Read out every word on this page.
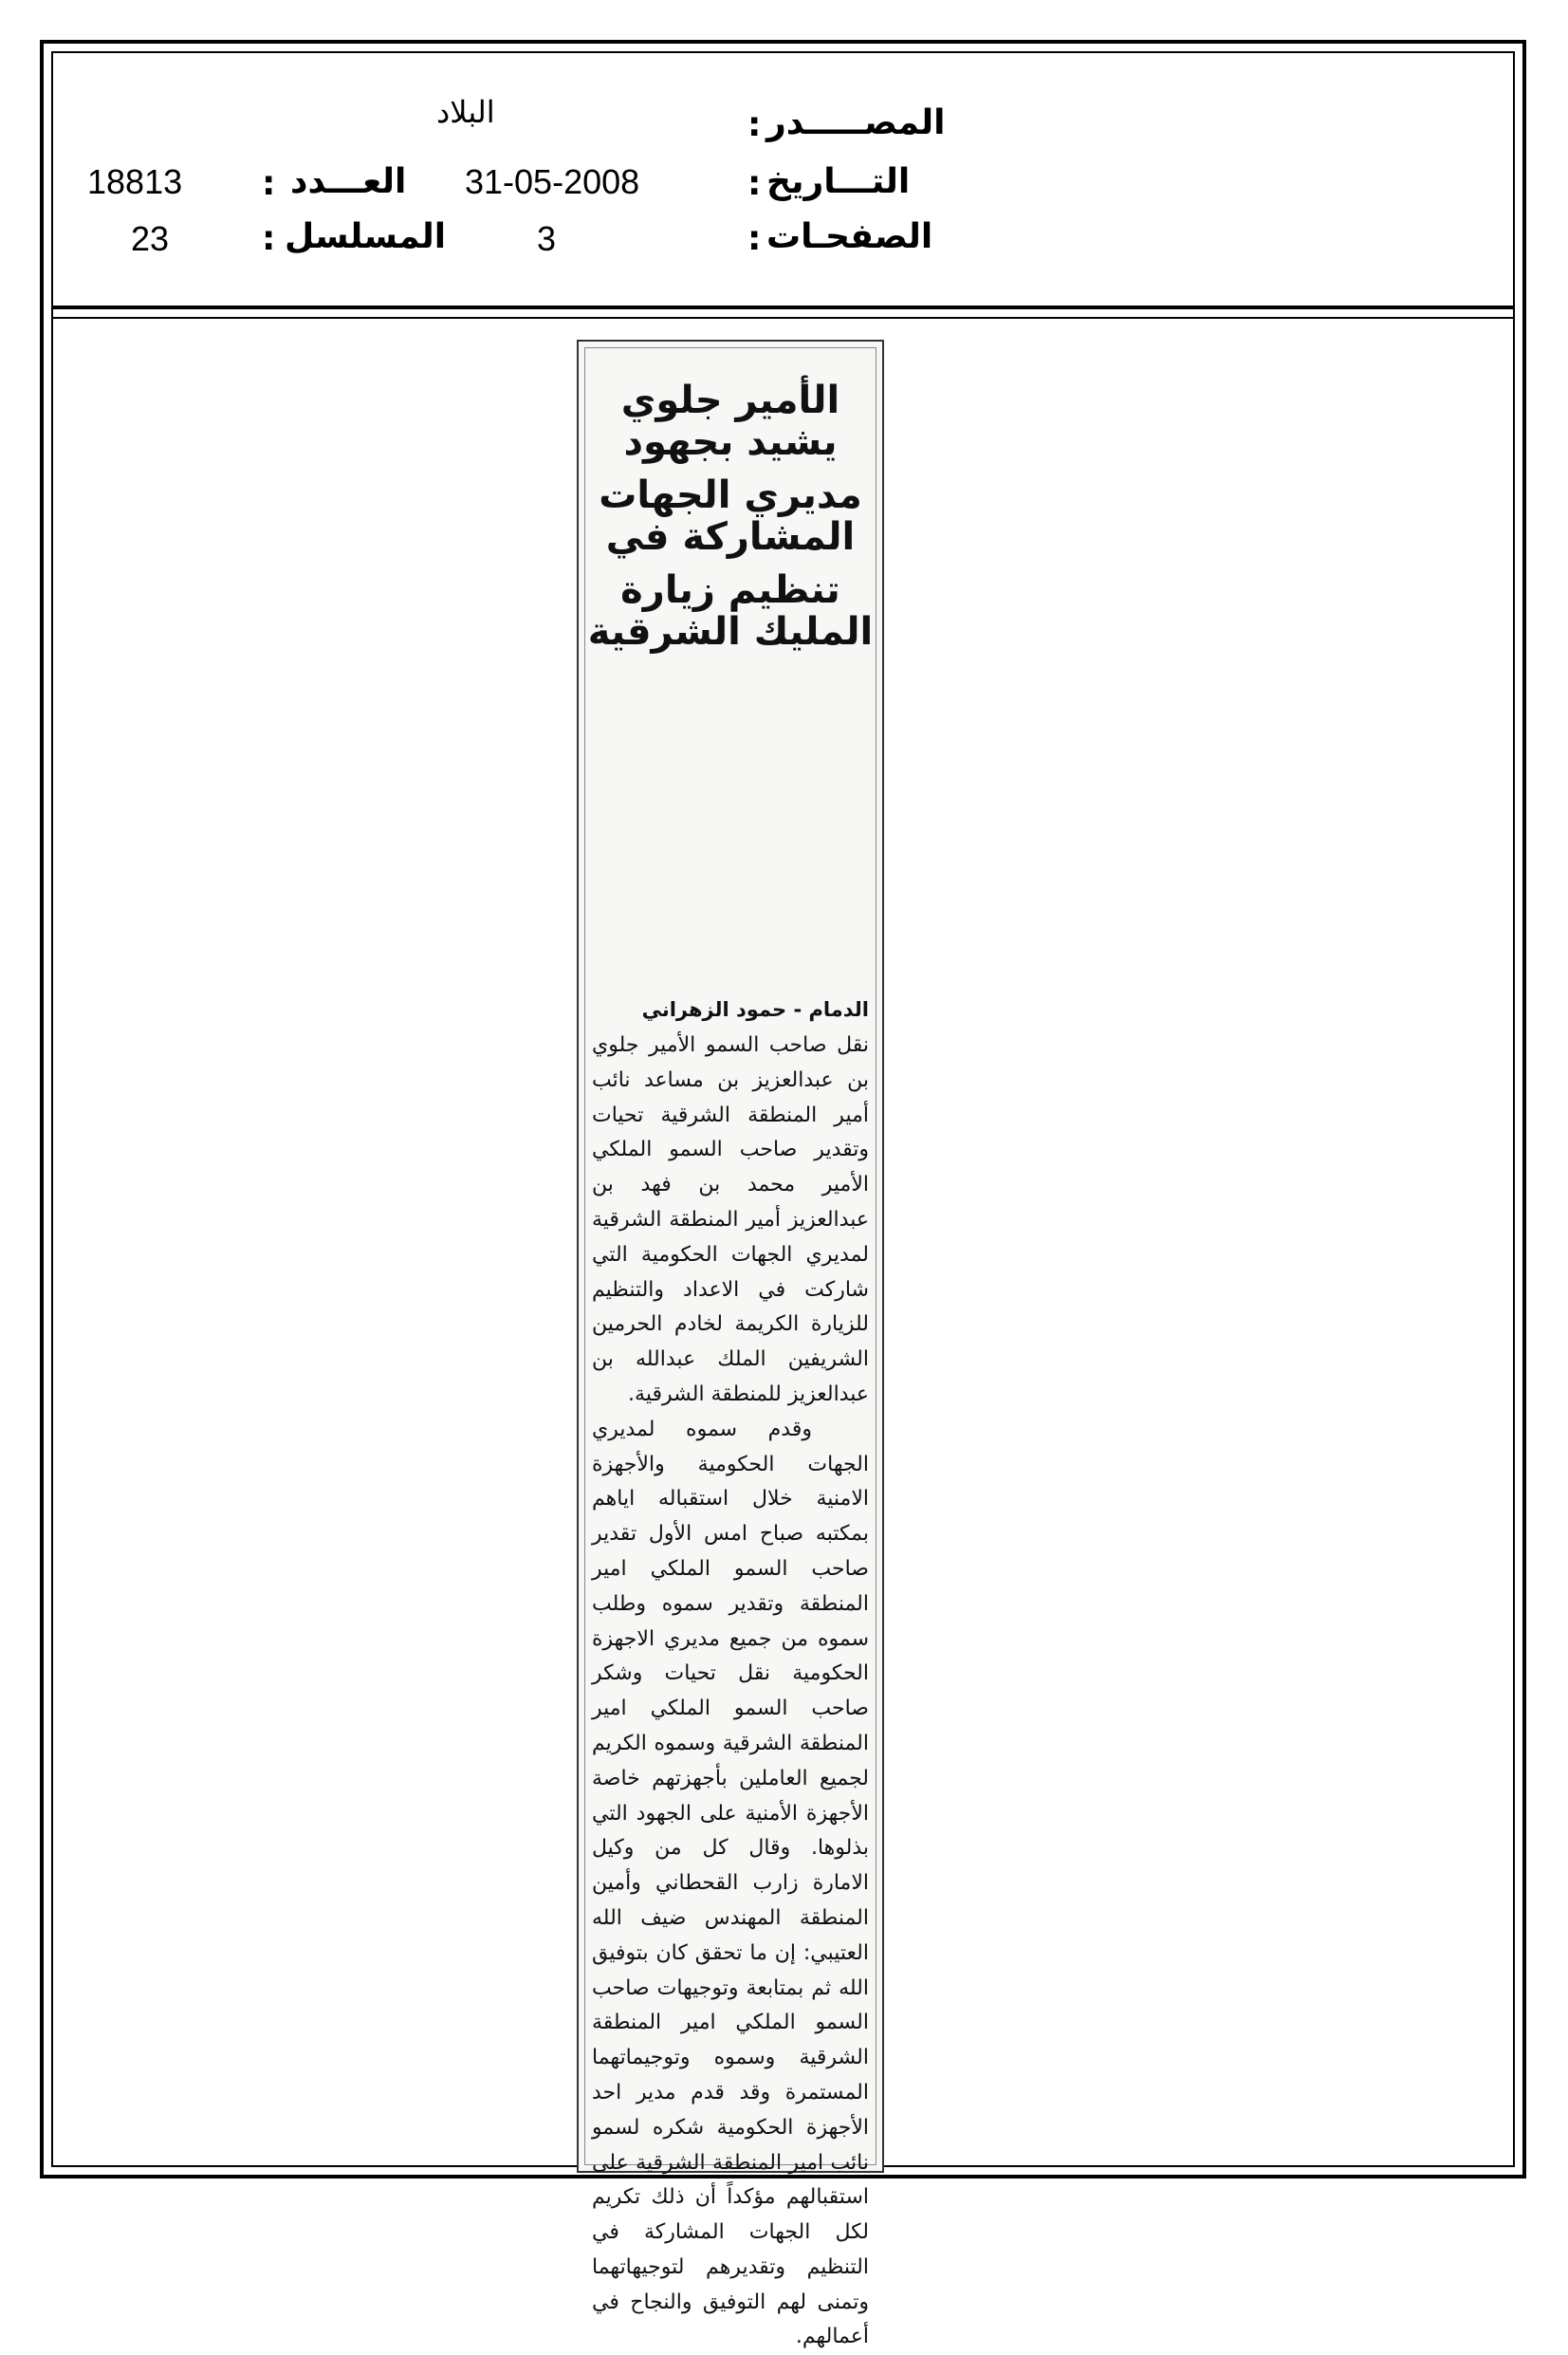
المصـــــدر
:
البلاد
التـــاريخ
:
31-05-2008
العـــدد
:
18813
الصفحـات
:
3
المسلسل
:
23
الأمير جلوي يشيد بجهود
مديري الجهات المشاركة في
تنظيم زيارة المليك الشرقية
الدمام - حمود الزهراني

نقل صاحب السمو الأمير جلوي بن عبدالعزيز بن مساعد نائب أمير المنطقة الشرقية تحيات وتقدير صاحب السمو الملكي الأمير محمد بن فهد بن عبدالعزيز أمير المنطقة الشرقية لمديري الجهات الحكومية التي شاركت في الاعداد والتنظيم للزيارة الكريمة لخادم الحرمين الشريفين الملك عبدالله بن عبدالعزيز للمنطقة الشرقية.

وقدم سموه لمديري الجهات الحكومية والأجهزة الامنية خلال استقباله اياهم بمكتبه صباح امس الأول تقدير صاحب السمو الملكي امير المنطقة وتقدير سموه وطلب سموه من جميع مديري الاجهزة الحكومية نقل تحيات وشكر صاحب السمو الملكي امير المنطقة الشرقية وسموه الكريم لجميع العاملين بأجهزتهم خاصة الأجهزة الأمنية على الجهود التي بذلوها. وقال كل من وكيل الامارة زارب القحطاني وأمين المنطقة المهندس ضيف الله العتيبي: إن ما تحقق كان بتوفيق الله ثم بمتابعة وتوجيهات صاحب السمو الملكي امير المنطقة الشرقية وسموه وتوجيماتهما المستمرة وقد قدم مدير احد الأجهزة الحكومية شكره لسمو نائب امير المنطقة الشرقية على استقبالهم مؤكداً أن ذلك تكريم لكل الجهات المشاركة في التنظيم وتقديرهم لتوجيهاتهما وتمنى لهم التوفيق والنجاح في أعمالهم.
